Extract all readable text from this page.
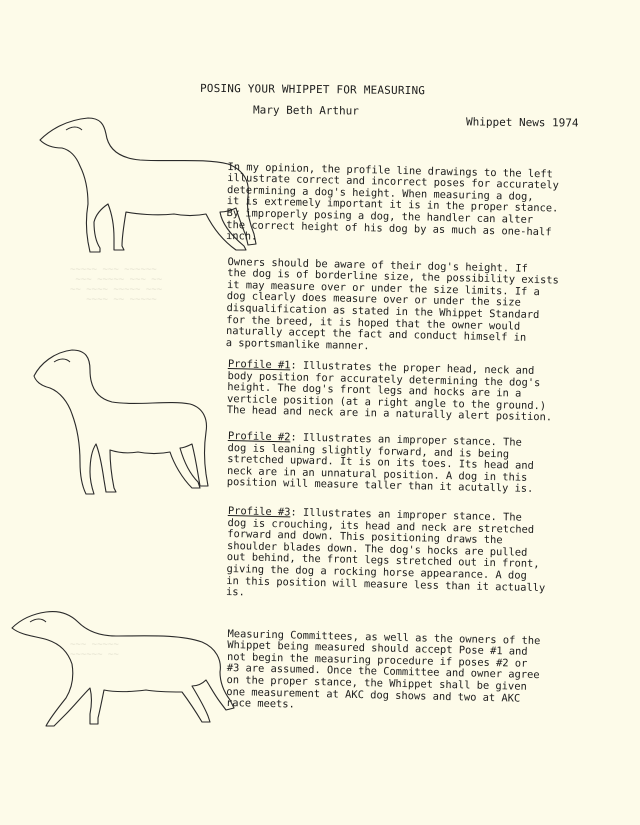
~~~~~ ~~~ ~~~~~~
~~~ ~~~~~ ~~~ ~~
~~ ~~~~ ~~~~~ ~~~
~~~~ ~~ ~~~~~

~~~ ~~~~~
~~~~~~ ~~
POSING YOUR WHIPPET FOR MEASURING
Mary Beth Arthur
Whippet News 1974

In my opinion, the profile line drawings to the left
illustrate correct and incorrect poses for accurately
determining a dog's height. When measuring a dog,
it is extremely important it is in the proper stance.
By improperly posing a dog, the handler can alter
the correct height of his dog by as much as one-half
inch.

Owners should be aware of their dog's height. If
the dog is of borderline size, the possibility exists
it may measure over or under the size limits. If a
dog clearly does measure over or under the size
disqualification as stated in the Whippet Standard
for the breed, it is hoped that the owner would
naturally accept the fact and conduct himself in
a sportsmanlike manner.

Profile #1: Illustrates the proper head, neck and
body position for accurately determining the dog's
height. The dog's front legs and hocks are in a
verticle position (at a right angle to the ground.)
The head and neck are in a naturally alert position.
Profile #2: Illustrates an improper stance. The
dog is leaning slightly forward, and is being
stretched upward. It is on its toes. Its head and
neck are in an unnatural position. A dog in this
position will measure taller than it acutally is.
Profile #3: Illustrates an improper stance. The
dog is crouching, its head and neck are stretched
forward and down. This positioning draws the
shoulder blades down. The dog's hocks are pulled
out behind, the front legs stretched out in front,
giving the dog a rocking horse appearance. A dog
in this position will measure less than it actually
is.

Measuring Committees, as well as the owners of the
Whippet being measured should accept Pose #1 and
not begin the measuring procedure if poses #2 or
#3 are assumed. Once the Committee and owner agree
on the proper stance, the Whippet shall be given
one measurement at AKC dog shows and two at AKC
race meets.
